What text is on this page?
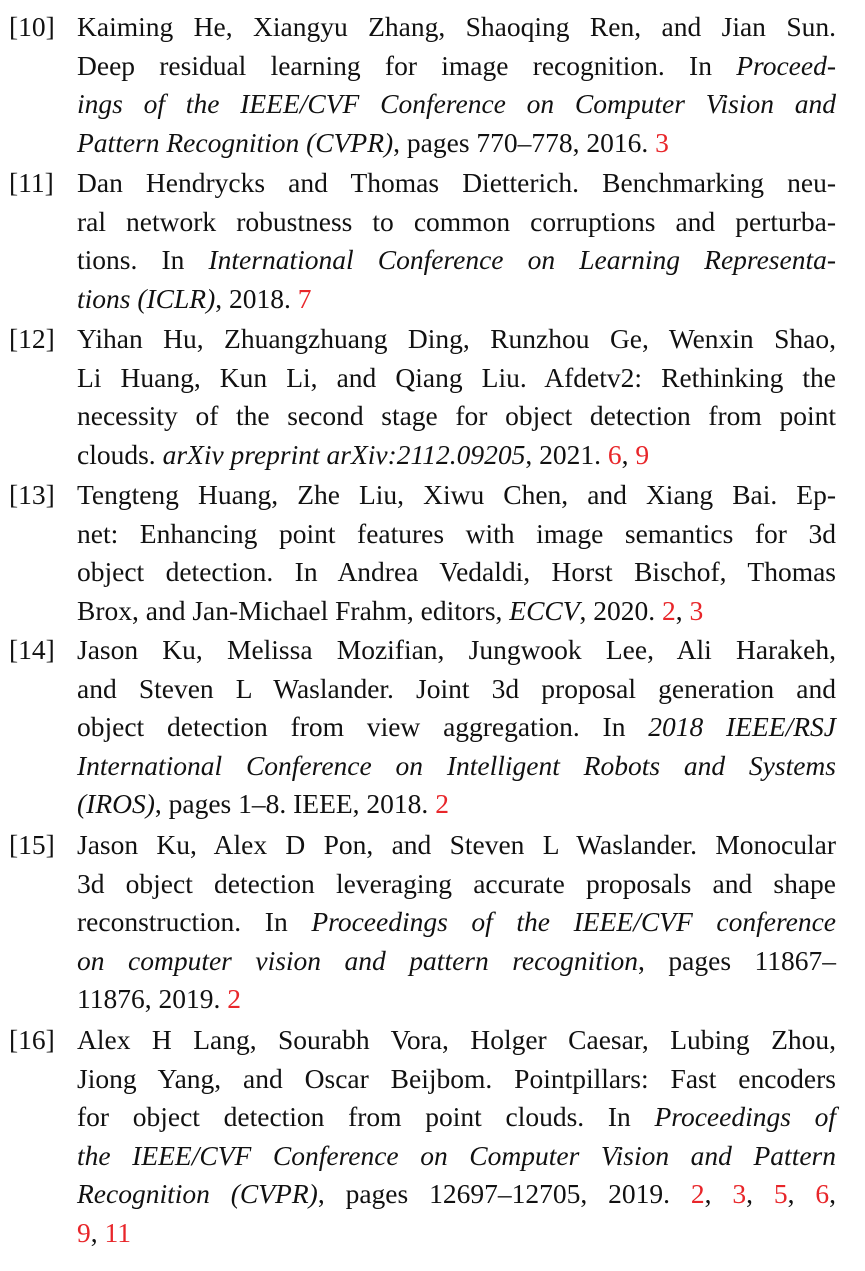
[10] Kaiming He, Xiangyu Zhang, Shaoqing Ren, and Jian Sun.
Deep residual learning for image recognition. In Proceed-
ings of the IEEE/CVF Conference on Computer Vision and
Pattern Recognition (CVPR), pages 770–778, 2016. 3
[11] Dan Hendrycks and Thomas Dietterich. Benchmarking neu-
ral network robustness to common corruptions and perturba-
tions. In International Conference on Learning Representa-
tions (ICLR), 2018. 7
[12] Yihan Hu, Zhuangzhuang Ding, Runzhou Ge, Wenxin Shao,
Li Huang, Kun Li, and Qiang Liu. Afdetv2: Rethinking the
necessity of the second stage for object detection from point
clouds. arXiv preprint arXiv:2112.09205, 2021. 6, 9
[13] Tengteng Huang, Zhe Liu, Xiwu Chen, and Xiang Bai. Ep-
net: Enhancing point features with image semantics for 3d
object detection. In Andrea Vedaldi, Horst Bischof, Thomas
Brox, and Jan-Michael Frahm, editors, ECCV, 2020. 2, 3
[14] Jason Ku, Melissa Mozifian, Jungwook Lee, Ali Harakeh,
and Steven L Waslander. Joint 3d proposal generation and
object detection from view aggregation. In 2018 IEEE/RSJ
International Conference on Intelligent Robots and Systems
(IROS), pages 1–8. IEEE, 2018. 2
[15] Jason Ku, Alex D Pon, and Steven L Waslander. Monocular
3d object detection leveraging accurate proposals and shape
reconstruction. In Proceedings of the IEEE/CVF conference
on computer vision and pattern recognition, pages 11867–
11876, 2019. 2
[16] Alex H Lang, Sourabh Vora, Holger Caesar, Lubing Zhou,
Jiong Yang, and Oscar Beijbom. Pointpillars: Fast encoders
for object detection from point clouds. In Proceedings of
the IEEE/CVF Conference on Computer Vision and Pattern
Recognition (CVPR), pages 12697–12705, 2019. 2, 3, 5, 6,
9, 11
